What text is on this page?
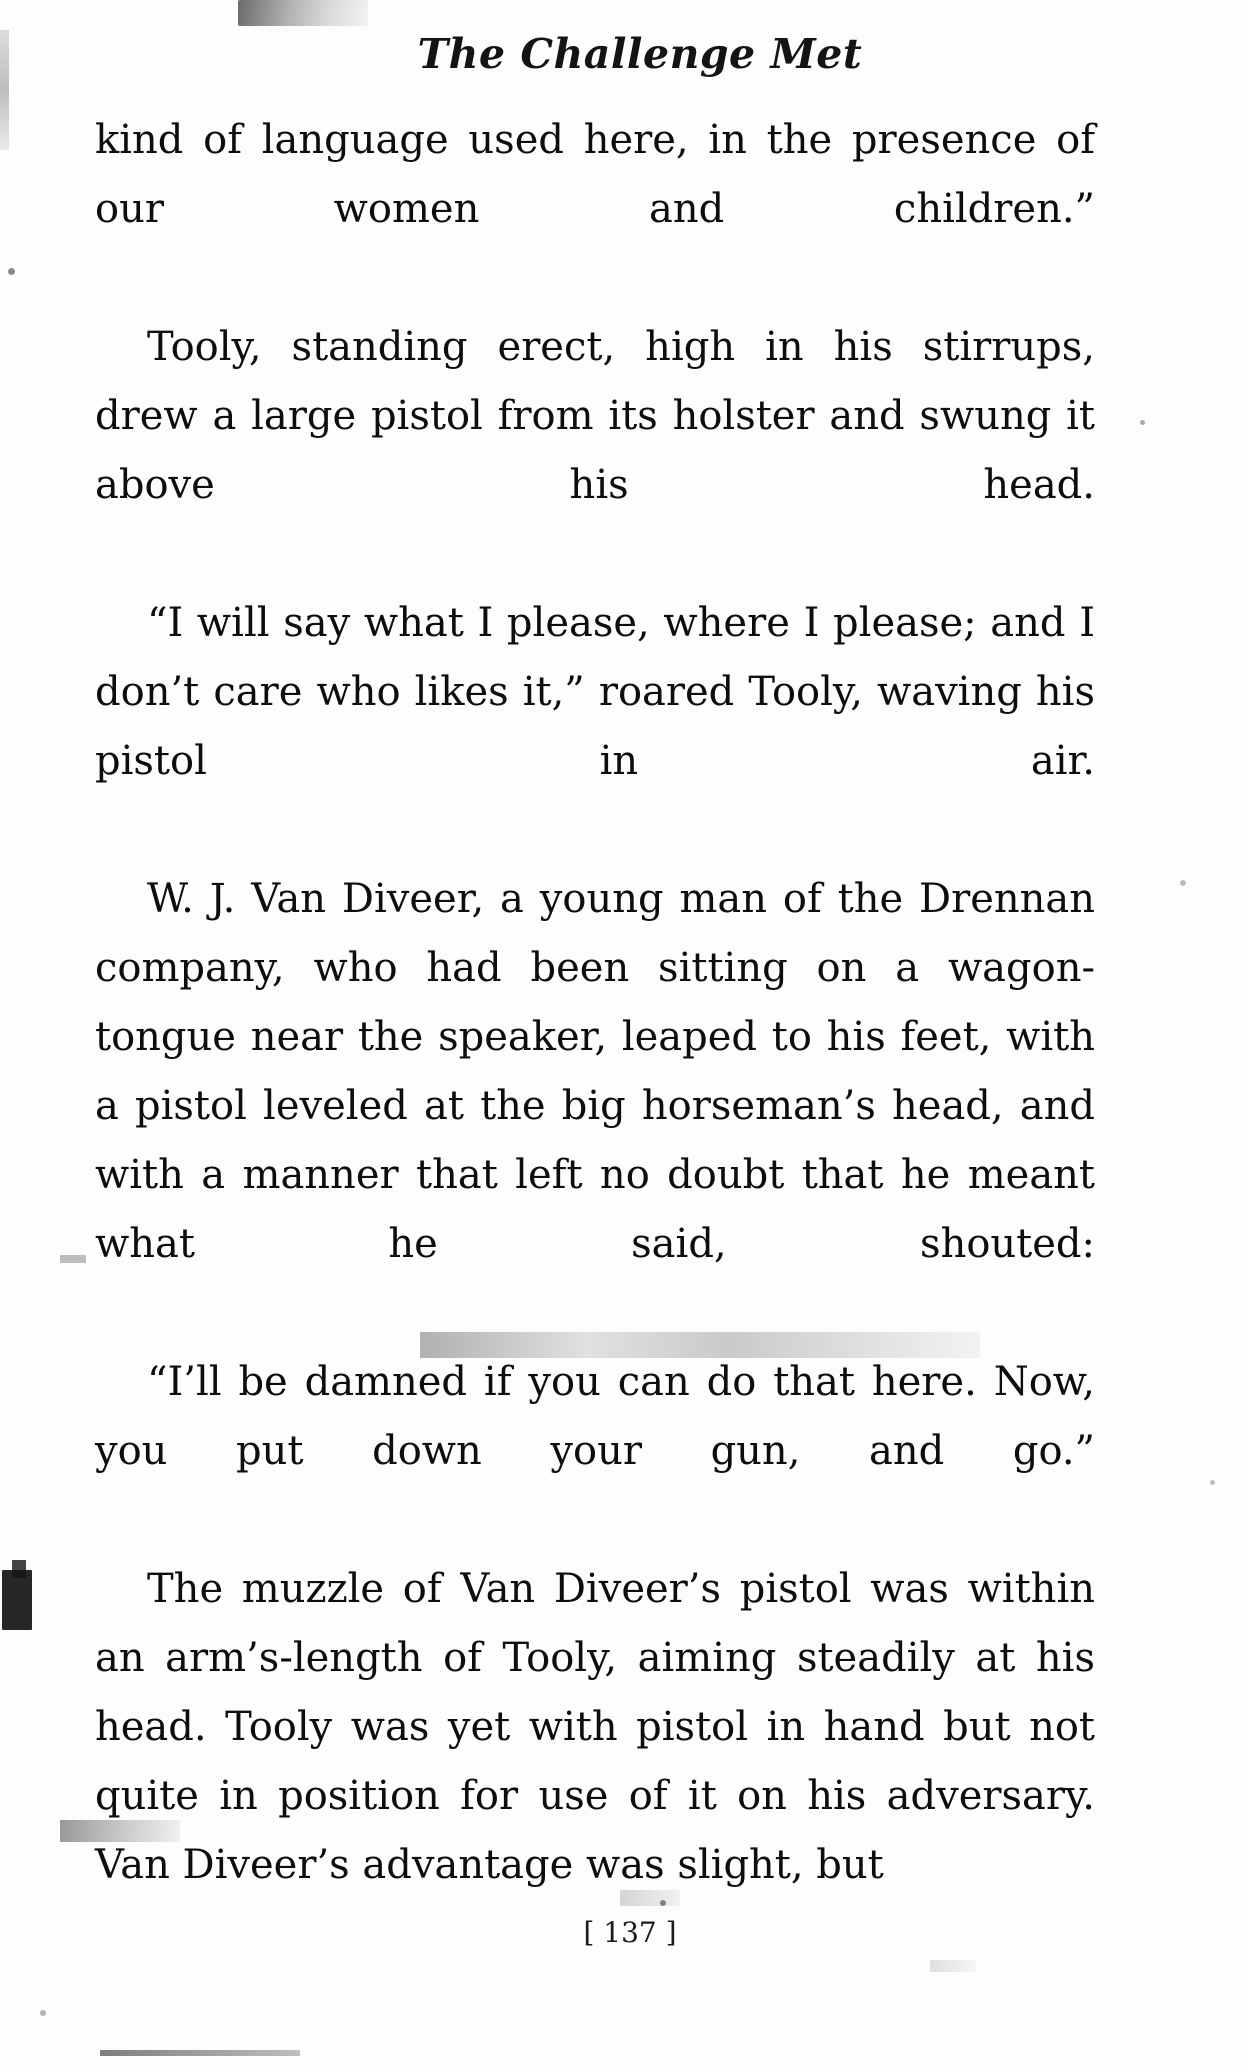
The Challenge Met

kind of language used here, in the presence of our women and children.”

Tooly, standing erect, high in his stirrups, drew a large pistol from its holster and swung it above his head.

“I will say what I please, where I please; and I don’t care who likes it,” roared Tooly, waving his pistol in air.

W. J. Van Diveer, a young man of the Drennan company, who had been sitting on a wagon-tongue near the speaker, leaped to his feet, with a pistol leveled at the big horseman’s head, and with a manner that left no doubt that he meant what he said, shouted:

“I’ll be damned if you can do that here. Now, you put down your gun, and go.”

The muzzle of Van Diveer’s pistol was within an arm’s-length of Tooly, aiming steadily at his head. Tooly was yet with pistol in hand but not quite in position for use of it on his adversary. Van Diveer’s advantage was slight, but

[ 137 ]
